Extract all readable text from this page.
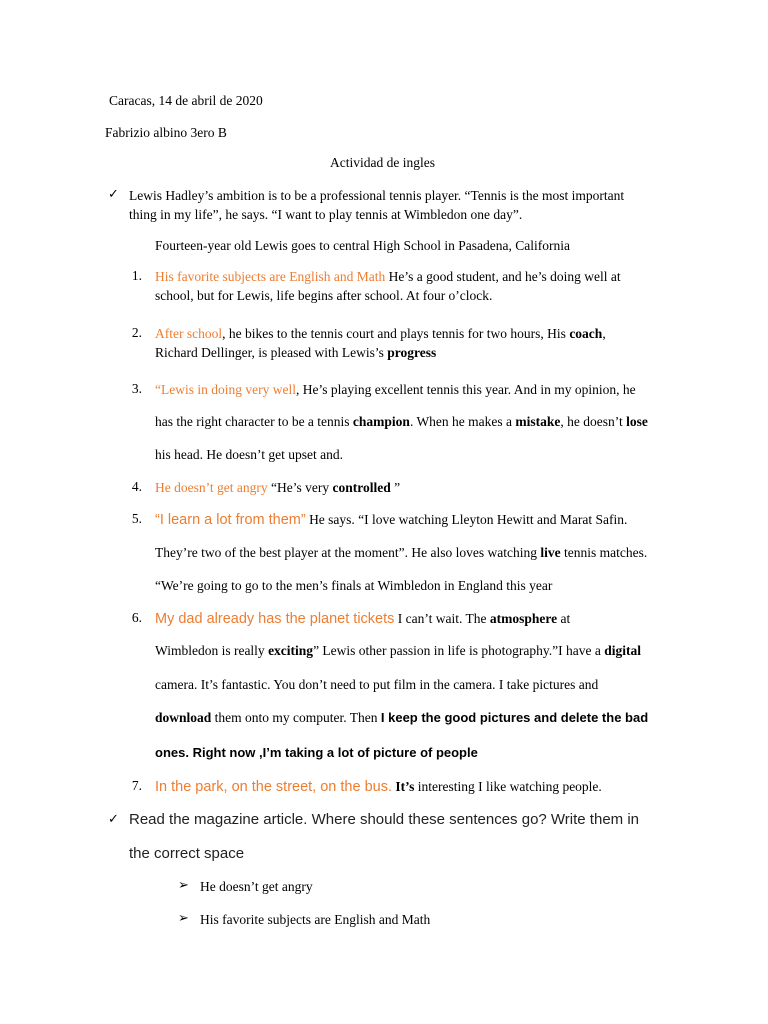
Caracas, 14 de abril de 2020
Fabrizio albino 3ero B
Actividad de ingles
✓ Lewis Hadley’s ambition is to be a professional tennis player. “Tennis is the most important
thing in my life”, he says. “I want to play tennis at Wimbledon one day”.
Fourteen-year old Lewis goes to central High School in Pasadena, California
1. His favorite subjects are English and Math He’s a good student, and he’s doing well at
school, but for Lewis, life begins after school. At four o’clock.
2. After school, he bikes to the tennis court and plays tennis for two hours, His coach,
Richard Dellinger, is pleased with Lewis’s progress
3. “Lewis in doing very well, He’s playing excellent tennis this year. And in my opinion, he
has the right character to be a tennis champion. When he makes a mistake, he doesn’t lose
his head. He doesn’t get upset and.
4. He doesn’t get angry “He’s very controlled ”
5. “I learn a lot from them” He says. “I love watching Lleyton Hewitt and Marat Safin.
They’re two of the best player at the moment”. He also loves watching live tennis matches.
“We’re going to go to the men’s finals at Wimbledon in England this year
6. My dad already has the planet tickets I can’t wait. The atmosphere at
Wimbledon is really exciting” Lewis other passion in life is photography.”I have a digital
camera. It’s fantastic. You don’t need to put film in the camera. I take pictures and
download them onto my computer. Then I keep the good pictures and delete the bad
ones. Right now ,I’m taking a lot of picture of people
7. In the park, on the street, on the bus. It’s interesting I like watching people.
✓ Read the magazine article. Where should these sentences go? Write them in
the correct space
➢ He doesn’t get angry
➢ His favorite subjects are English and Math
